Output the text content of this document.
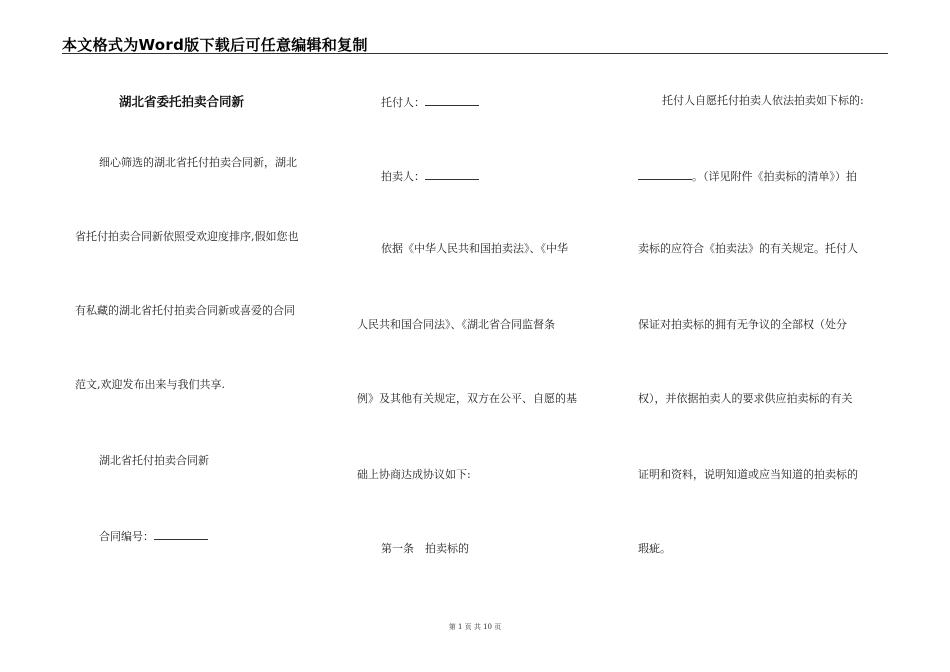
本文格式为Word版下载后可任意编辑和复制
湖北省委托拍卖合同新
细心筛选的湖北省托付拍卖合同新，湖北
省托付拍卖合同新依照受欢迎度排序,假如您也
有私藏的湖北省托付拍卖合同新或喜爱的合同
范文,欢迎发布出来与我们共享.
湖北省托付拍卖合同新
合同编号：
托付人：
拍卖人：
依据《中华人民共和国拍卖法》、《中华
人民共和国合同法》、《湖北省合同监督条
例》及其他有关规定，双方在公平、自愿的基
础上协商达成协议如下:
第一条　拍卖标的
托付人自愿托付拍卖人依法拍卖如下标的:
。（详见附件《拍卖标的清单》）拍
卖标的应符合《拍卖法》的有关规定。托付人
保证对拍卖标的拥有无争议的全部权（处分
权），并依据拍卖人的要求供应拍卖标的有关
证明和资料，说明知道或应当知道的拍卖标的
瑕疵。
第 1 页 共 10 页
